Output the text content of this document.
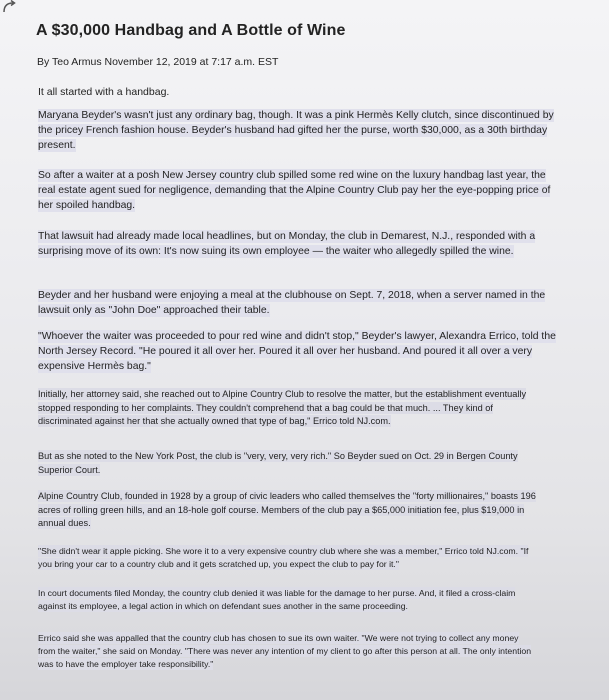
A $30,000 Handbag and A Bottle of Wine
By Teo Armus November 12, 2019 at 7:17 a.m. EST
It all started with a handbag.

Maryana Beyder's wasn't just any ordinary bag, though. It was a pink Hermès Kelly clutch, since discontinued by the pricey French fashion house. Beyder's husband had gifted her the purse, worth $30,000, as a 30th birthday present.

So after a waiter at a posh New Jersey country club spilled some red wine on the luxury handbag last year, the real estate agent sued for negligence, demanding that the Alpine Country Club pay her the eye-popping price of her spoiled handbag.

That lawsuit had already made local headlines, but on Monday, the club in Demarest, N.J., responded with a surprising move of its own: It's now suing its own employee — the waiter who allegedly spilled the wine.

Beyder and her husband were enjoying a meal at the clubhouse on Sept. 7, 2018, when a server named in the lawsuit only as "John Doe" approached their table.

"Whoever the waiter was proceeded to pour red wine and didn't stop," Beyder's lawyer, Alexandra Errico, told the North Jersey Record. "He poured it all over her. Poured it all over her husband. And poured it all over a very expensive Hermès bag."

Initially, her attorney said, she reached out to Alpine Country Club to resolve the matter, but the establishment eventually stopped responding to her complaints. They couldn't comprehend that a bag could be that much. ... They kind of discriminated against her that she actually owned that type of bag," Errico told NJ.com.

But as she noted to the New York Post, the club is "very, very, very rich." So Beyder sued on Oct. 29 in Bergen County Superior Court.

Alpine Country Club, founded in 1928 by a group of civic leaders who called themselves the "forty millionaires," boasts 196 acres of rolling green hills, and an 18-hole golf course. Members of the club pay a $65,000 initiation fee, plus $19,000 in annual dues.

"She didn't wear it apple picking. She wore it to a very expensive country club where she was a member," Errico told NJ.com. "If you bring your car to a country club and it gets scratched up, you expect the club to pay for it."

In court documents filed Monday, the country club denied it was liable for the damage to her purse. And, it filed a cross-claim against its employee, a legal action in which on defendant sues another in the same proceeding.

Errico said she was appalled that the country club has chosen to sue its own waiter. "We were not trying to collect any money from the waiter," she said on Monday. "There was never any intention of my client to go after this person at all. The only intention was to have the employer take responsibility."
